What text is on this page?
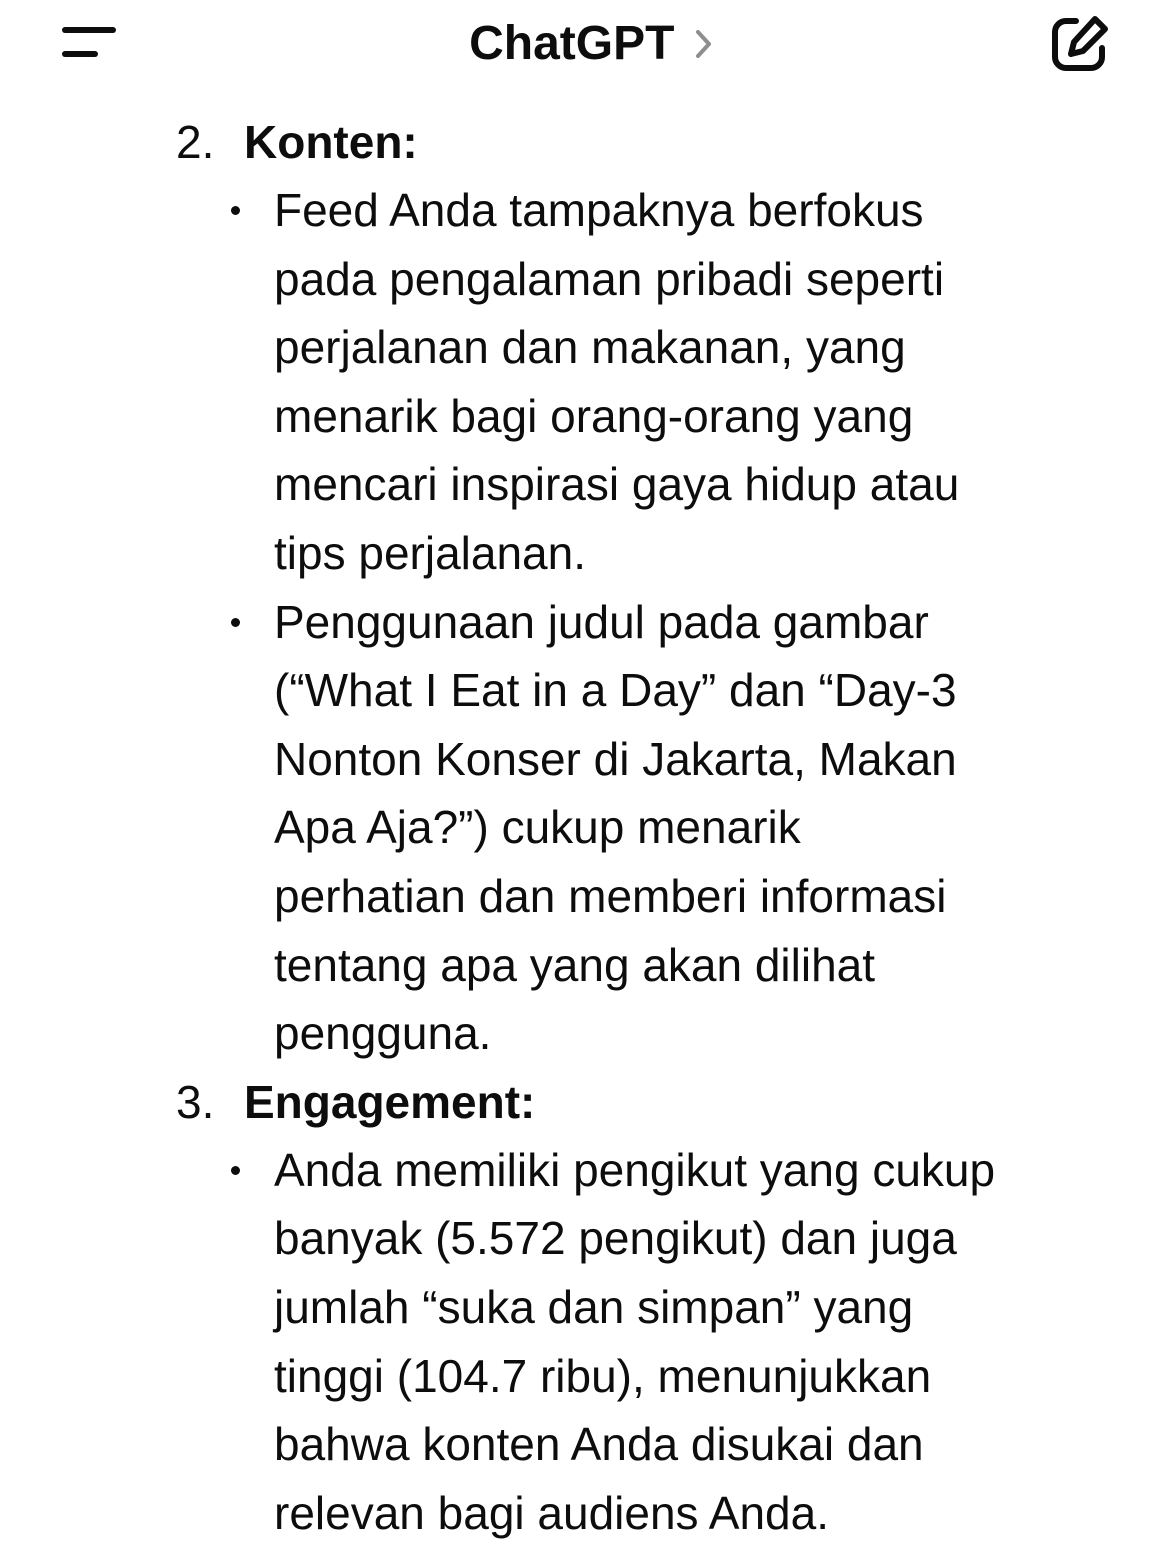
ChatGPT
2. Konten:
Feed Anda tampaknya berfokus
pada pengalaman pribadi seperti
perjalanan dan makanan, yang
menarik bagi orang-orang yang
mencari inspirasi gaya hidup atau
tips perjalanan.
Penggunaan judul pada gambar
(“What I Eat in a Day” dan “Day-3
Nonton Konser di Jakarta, Makan
Apa Aja?”) cukup menarik
perhatian dan memberi informasi
tentang apa yang akan dilihat
pengguna.
3. Engagement:
Anda memiliki pengikut yang cukup
banyak (5.572 pengikut) dan juga
jumlah “suka dan simpan” yang
tinggi (104.7 ribu), menunjukkan
bahwa konten Anda disukai dan
relevan bagi audiens Anda.
